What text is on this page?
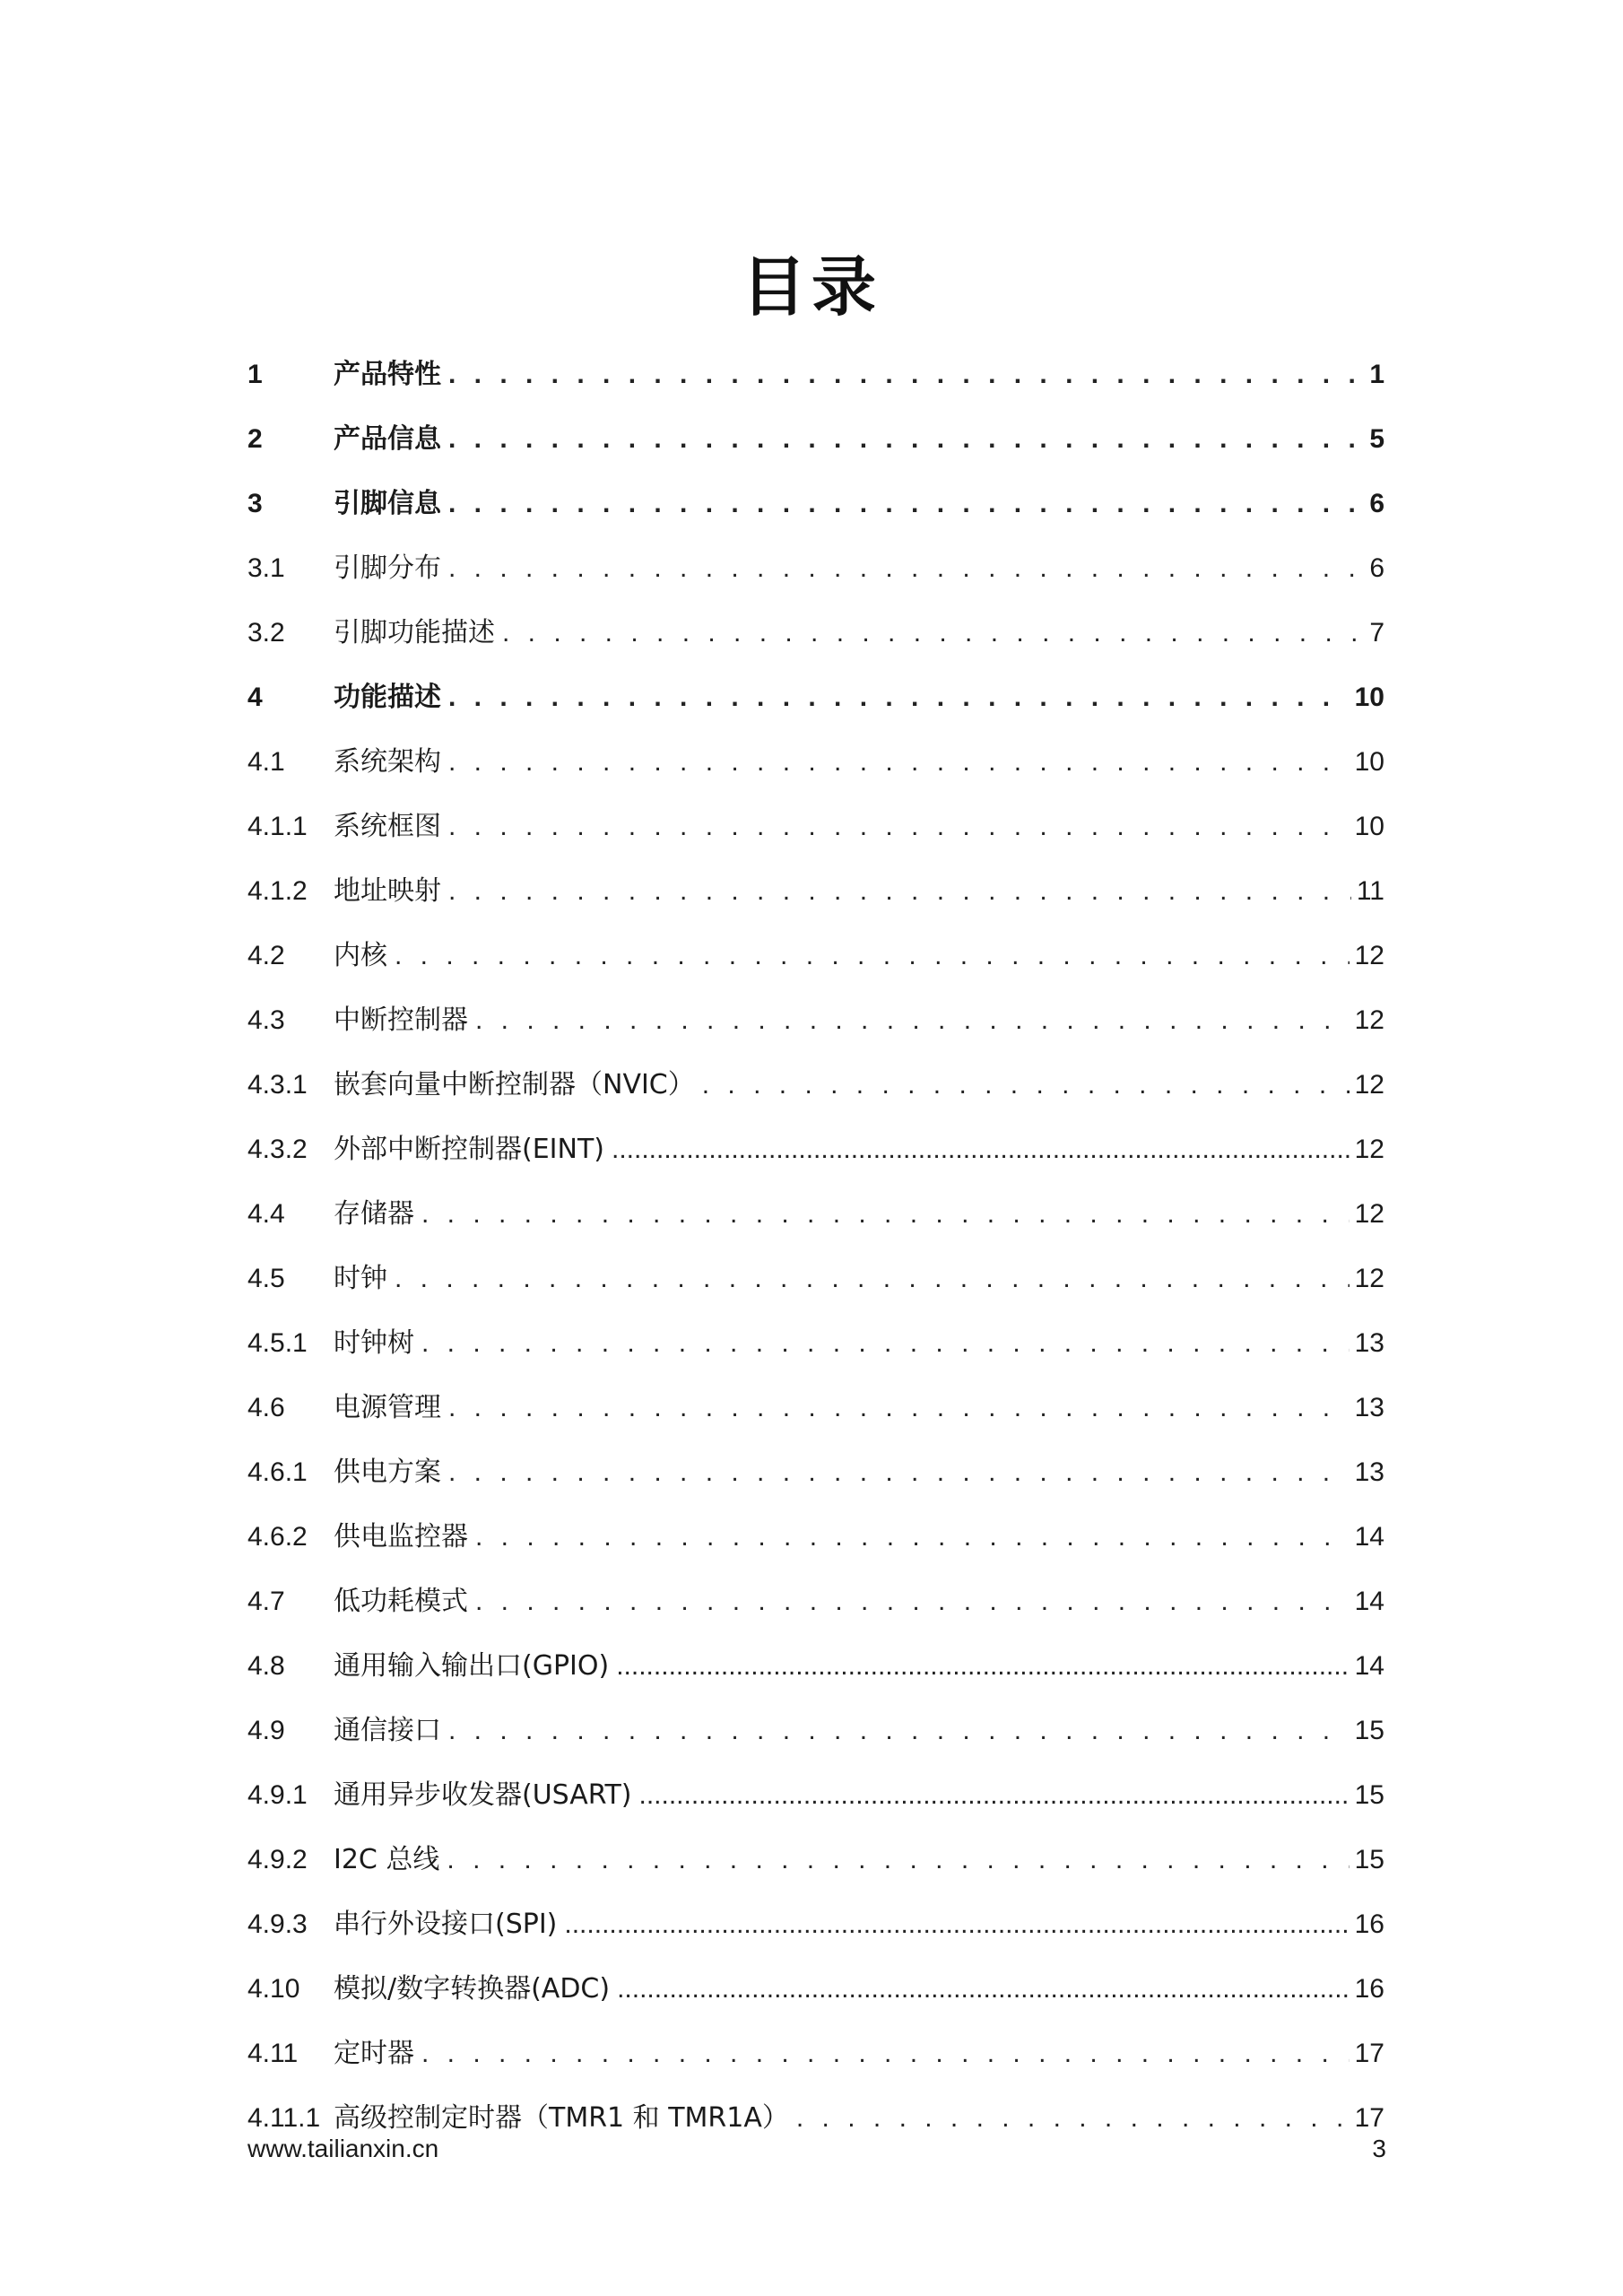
目录
1	产品特性 . . .	1
2	产品信息 . . .	5
3	引脚信息 . . .	6
3.1	引脚分布 . . .	6
3.2	引脚功能描述 . . .	7
4	功能描述 . . .	10
4.1	系统架构 . . .	10
4.1.1 系统框图 . . .	10
4.1.2 地址映射 . . .	11
4.2	内核 . . .	12
4.3	中断控制器 . . .	12
4.3.1 嵌套向量中断控制器（NVIC） . . .	12
4.3.2 外部中断控制器(EINT) .....	12
4.4	存储器 . . .	12
4.5	时钟 . . .	12
4.5.1 时钟树 . . .	13
4.6	电源管理 . . .	13
4.6.1 供电方案 . . .	13
4.6.2 供电监控器 . . .	14
4.7	低功耗模式 . . .	14
4.8	通用输入输出口(GPIO) .....	14
4.9	通信接口 . . .	15
4.9.1 通用异步收发器(USART) .....	15
4.9.2 I2C 总线 . . .	15
4.9.3 串行外设接口(SPI) .....	16
4.10	模拟/数字转换器(ADC) .....	16
4.11	定时器 . . .	17
4.11.1 高级控制定时器（TMR1 和 TMR1A） . . .	17
www.tailianxin.cn	3
